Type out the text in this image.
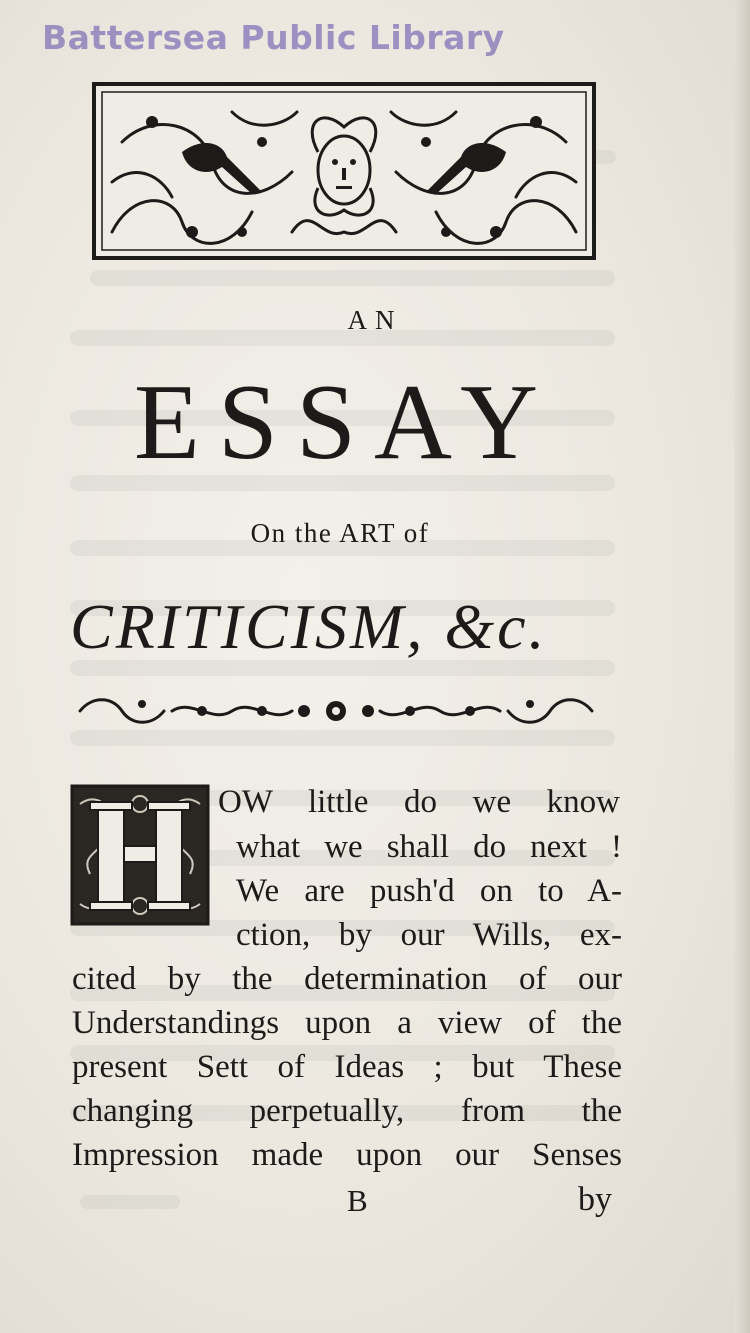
Battersea Public Library
AN
ESSAY
On the ART of
CRITICISM, &c.
H	OW little do we know
what we shall do next !
We are push'd on to A-
ction, by our Wills, ex-
cited by the determination of our
Understandings upon a view of the
present Sett of Ideas ; but These
changing perpetually, from the
Impression made upon our Senses
B	by
